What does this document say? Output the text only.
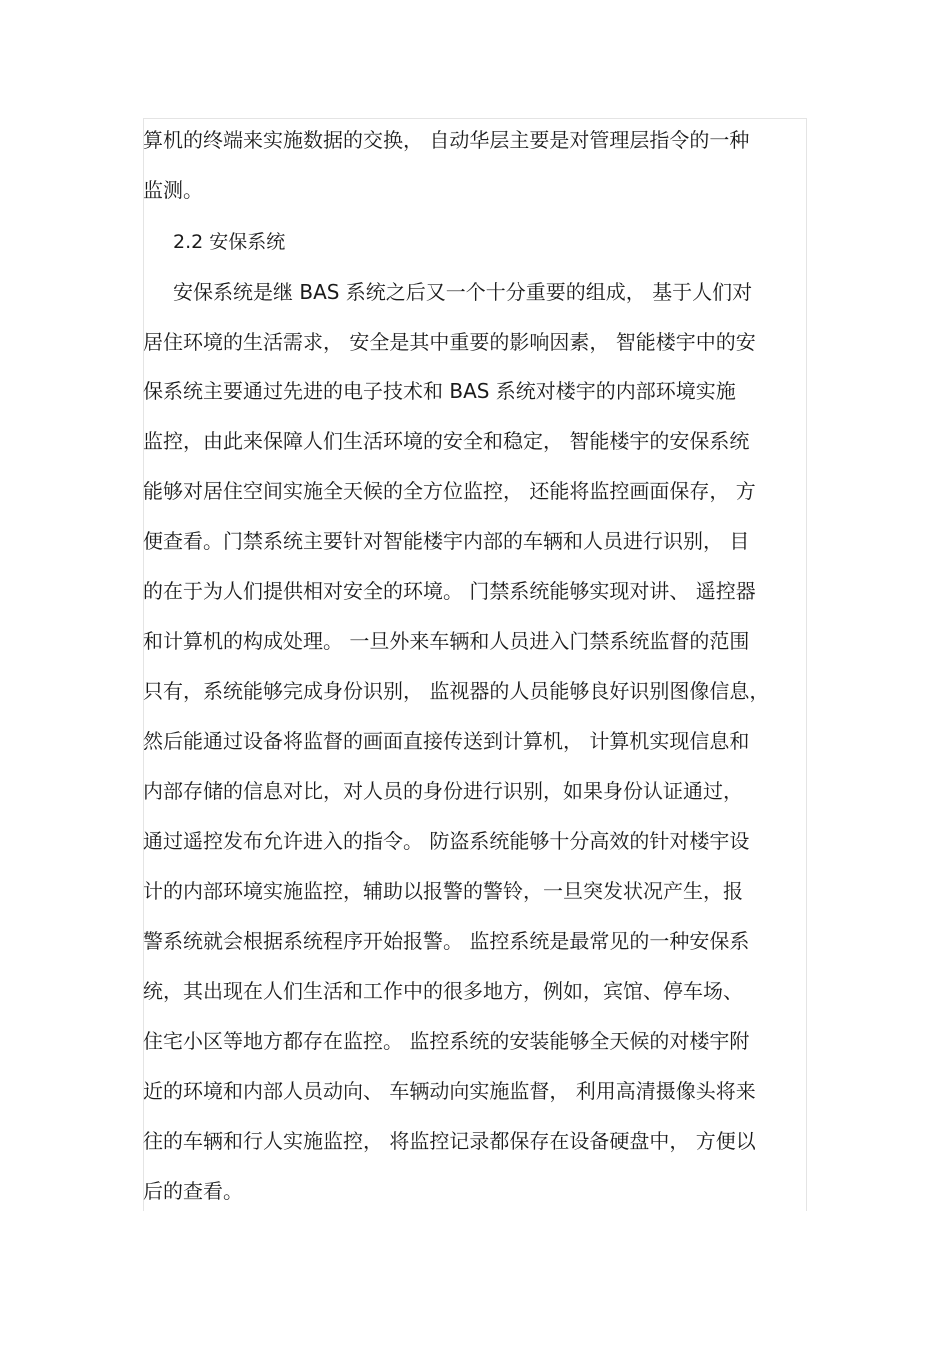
算机的终端来实施数据的交换， 自动华层主要是对管理层指令的一种
监测。
2.2 安保系统
安保系统是继 BAS 系统之后又一个十分重要的组成， 基于人们对
居住环境的生活需求， 安全是其中重要的影响因素， 智能楼宇中的安
保系统主要通过先进的电子技术和 BAS 系统对楼宇的内部环境实施
监控，由此来保障人们生活环境的安全和稳定， 智能楼宇的安保系统
能够对居住空间实施全天候的全方位监控， 还能将监控画面保存， 方
便查看。门禁系统主要针对智能楼宇内部的车辆和人员进行识别， 目
的在于为人们提供相对安全的环境。 门禁系统能够实现对讲、 遥控器
和计算机的构成处理。 一旦外来车辆和人员进入门禁系统监督的范围
只有，系统能够完成身份识别， 监视器的人员能够良好识别图像信息，
然后能通过设备将监督的画面直接传送到计算机， 计算机实现信息和
内部存储的信息对比，对人员的身份进行识别，如果身份认证通过，
通过遥控发布允许进入的指令。 防盗系统能够十分高效的针对楼宇设
计的内部环境实施监控，辅助以报警的警铃，一旦突发状况产生，报
警系统就会根据系统程序开始报警。 监控系统是最常见的一种安保系
统，其出现在人们生活和工作中的很多地方，例如，宾馆、停车场、
住宅小区等地方都存在监控。 监控系统的安装能够全天候的对楼宇附
近的环境和内部人员动向、 车辆动向实施监督， 利用高清摄像头将来
往的车辆和行人实施监控， 将监控记录都保存在设备硬盘中， 方便以
后的查看。
